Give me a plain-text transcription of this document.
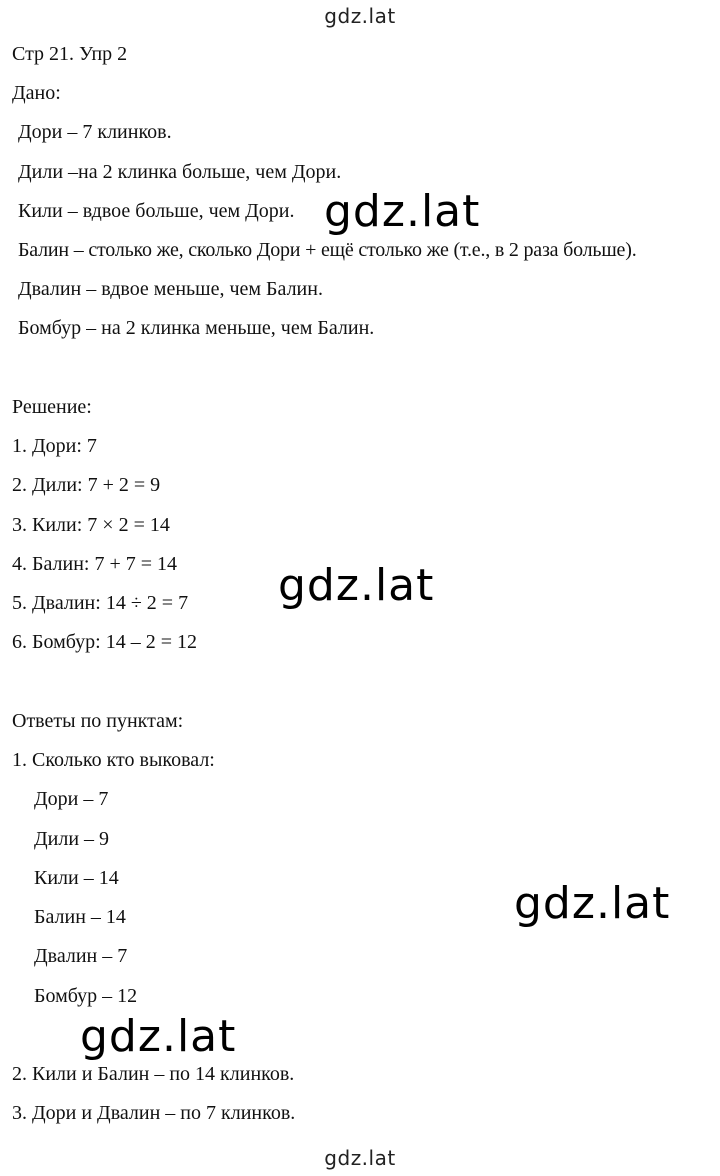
gdz.lat
Стр 21. Упр 2
Дано:
Дори – 7 клинков.
Дили –на 2 клинка больше, чем Дори.
Кили – вдвое больше, чем Дори.
Балин – столько же, сколько Дори + ещё столько же (т.е., в 2 раза больше).
Двалин – вдвое меньше, чем Балин.
Бомбур – на 2 клинка меньше, чем Балин.
Решение:
1. Дори: 7
2. Дили: 7 + 2 = 9
3. Кили: 7 × 2 = 14
4. Балин: 7 + 7 = 14
5. Двалин: 14 ÷ 2 = 7
6. Бомбур: 14 – 2 = 12
Ответы по пунктам:
1. Сколько кто выковал:
Дори – 7
Дили – 9
Кили – 14
Балин – 14
Двалин – 7
Бомбур – 12
2. Кили и Балин – по 14 клинков.
3. Дори и Двалин – по 7 клинков.
gdz.lat
gdz.lat
gdz.lat
gdz.lat
gdz.lat
